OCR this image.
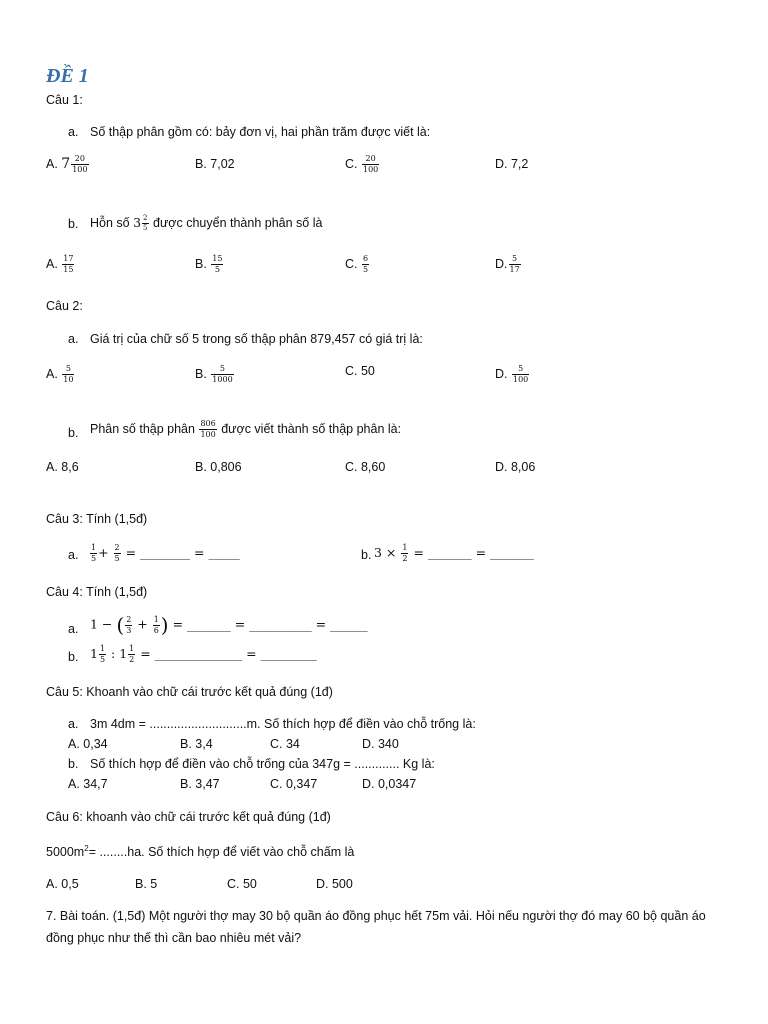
ĐỀ 1
Câu 1:
a. Số thập phân gồm có: bảy đơn vị, hai phần trăm được viết là:
A. $7 \frac{20}{100}$	B. 7,02	C. $\frac{20}{100}$	D. 7,2
b. Hỗn số $3 \frac{2}{5}$ được chuyển thành phân số là
A. $\frac{17}{15}$	B. $\frac{15}{5}$	C. $\frac{6}{5}$	D. $\frac{5}{17}$
Câu 2:
a. Giá trị của chữ số 5 trong số thập phân 879,457 có giá trị là:
A. $\frac{5}{10}$	B. $\frac{5}{1000}$	C. 50	D. $\frac{5}{100}$
b. Phân số thập phân $\frac{806}{100}$ được viết thành số thập phân là:
A. 8,6	B. 0,806	C. 8,60	D. 8,06
Câu 3: Tính (1,5đ)
a. $\frac{1}{5} + \frac{2}{5}$ = ________ = _____	b. $3 \times \frac{1}{2}$ = _______ = _______
Câu 4: Tính (1,5đ)
a. 1 − ( $\frac{2}{3} + \frac{1}{6}$ ) = _______ = __________ = ______
b. $1 \frac{1}{5}$ : $1 \frac{1}{2}$ = ______________ = _________
Câu 5: Khoanh vào chữ cái trước kết quả đúng (1đ)
a. 3m 4dm = ............................m. Số thích hợp để điền vào chỗ trống là:
A. 0,34	B. 3,4	C. 34	D. 340
b. Số thích hợp để điền vào chỗ trống của 347g = ............. Kg là:
A. 34,7	B. 3,47	C. 0,347	D. 0,0347
Câu 6: khoanh vào chữ cái trước kết quả đúng (1đ)
$5000m^2= ........ha$. Số thích hợp để viết vào chỗ chấm là
A. 0,5	B. 5	C. 50	D. 500
7. Bài toán. (1,5đ) Một người thợ may 30 bộ quần áo đồng phục hết 75m vải. Hỏi nếu người thợ đó may 60 bộ quần áo
đồng phục như thế thì cần bao nhiêu mét vải?
